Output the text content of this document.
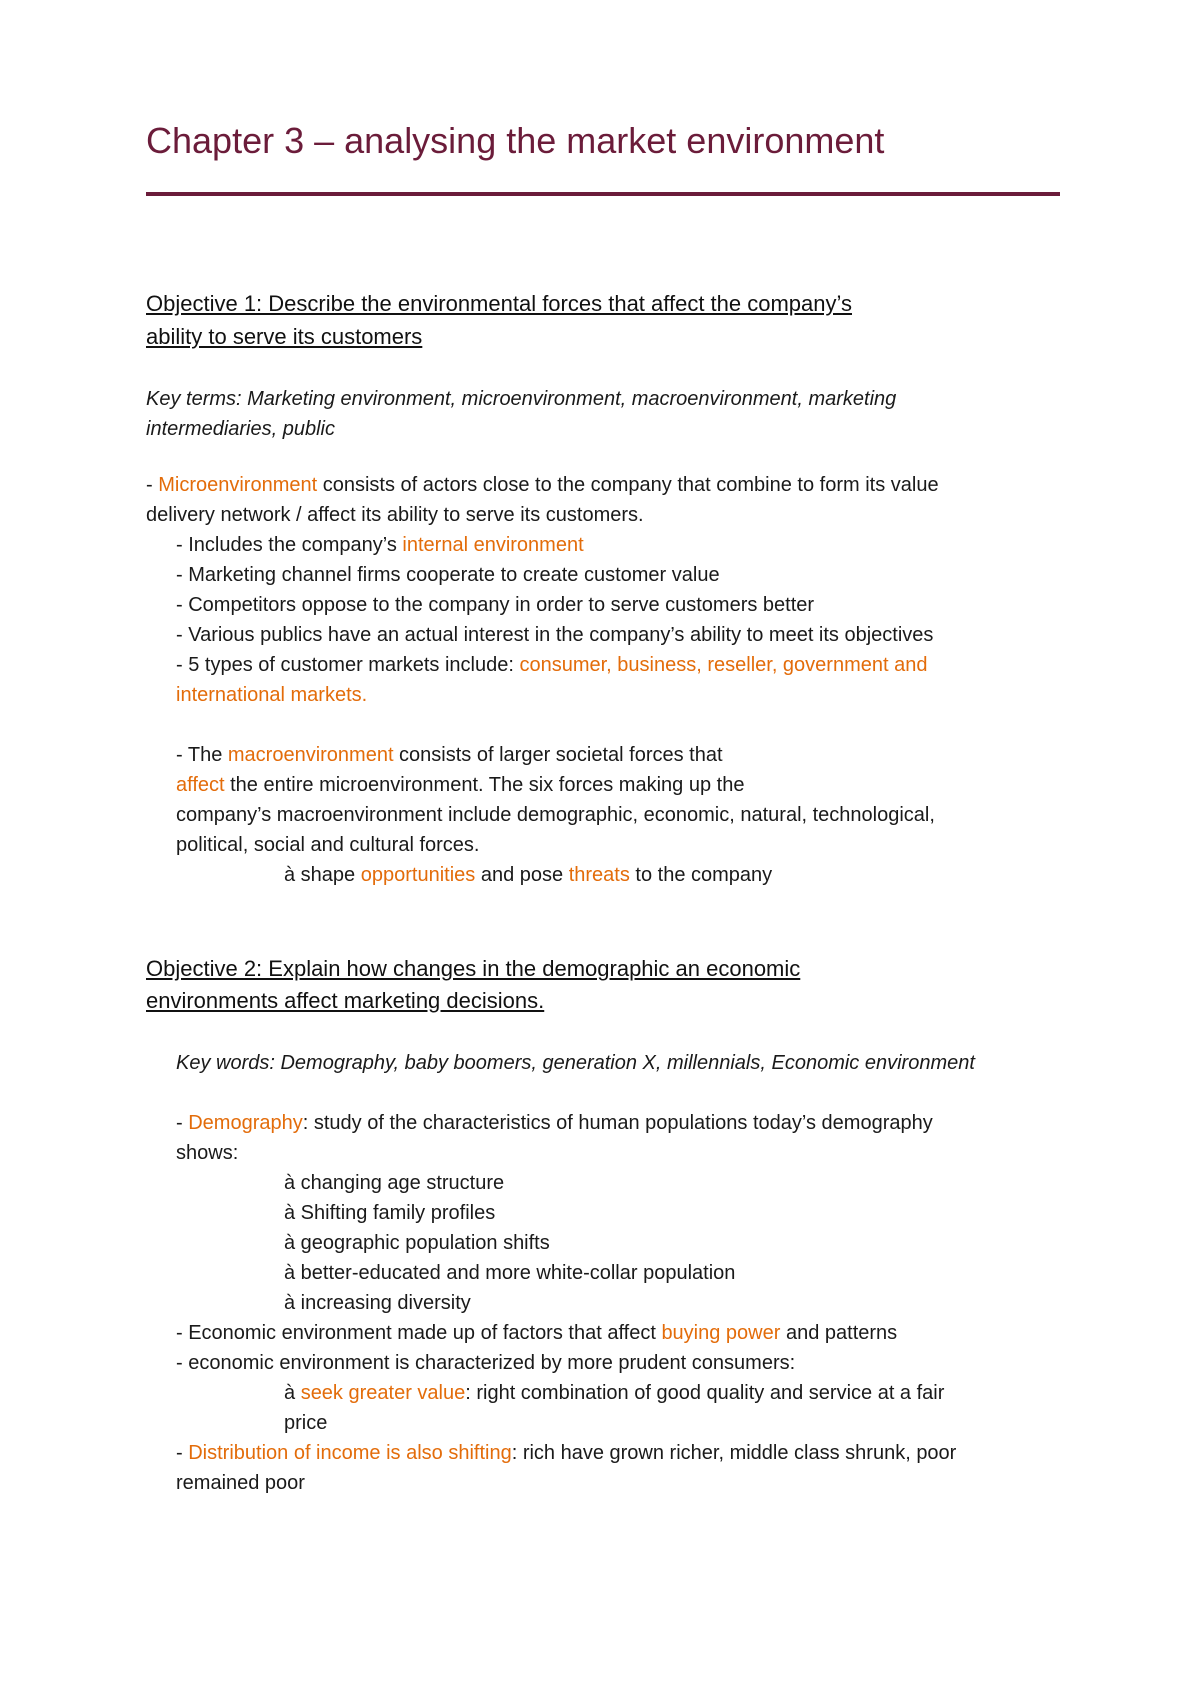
Chapter 3 – analysing the market environment
Objective 1: Describe the environmental forces that affect the company’s
ability to serve its customers
Key terms: Marketing environment, microenvironment, macroenvironment, marketing
intermediaries, public
- Microenvironment consists of actors close to the company that combine to form its value
delivery network / affect its ability to serve its customers.
- Includes the company’s internal environment
- Marketing channel firms cooperate to create customer value
- Competitors oppose to the company in order to serve customers better
- Various publics have an actual interest in the company’s ability to meet its objectives
- 5 types of customer markets include: consumer, business, reseller, government and
international markets.
- The macroenvironment consists of larger societal forces that
affect the entire microenvironment. The six forces making up the
company’s macroenvironment include demographic, economic, natural, technological,
political, social and cultural forces.
à shape opportunities and pose threats to the company
Objective 2: Explain how changes in the demographic an economic
environments affect marketing decisions.
Key words: Demography, baby boomers, generation X, millennials, Economic environment
- Demography: study of the characteristics of human populations today’s demography
shows:
à changing age structure
à Shifting family profiles
à geographic population shifts
à better-educated and more white-collar population
à increasing diversity
- Economic environment made up of factors that affect buying power and patterns
- economic environment is characterized by more prudent consumers:
à seek greater value: right combination of good quality and service at a fair
price
- Distribution of income is also shifting: rich have grown richer, middle class shrunk, poor
remained poor
